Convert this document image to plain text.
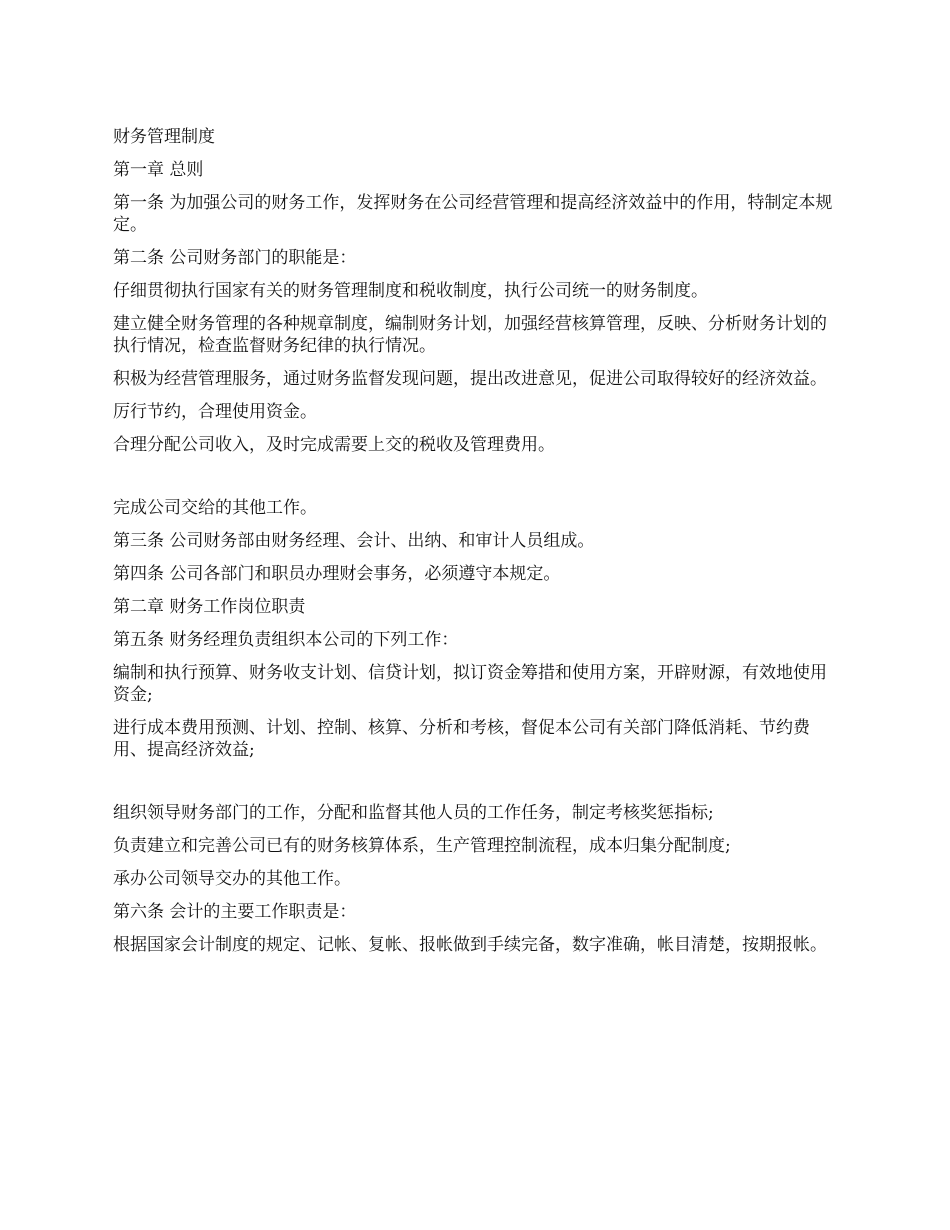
财务管理制度

第一章 总则

第一条 为加强公司的财务工作，发挥财务在公司经营管理和提高经济效益中的作用，特制定本规定。

第二条 公司财务部门的职能是：

仔细贯彻执行国家有关的财务管理制度和税收制度，执行公司统一的财务制度。

建立健全财务管理的各种规章制度，编制财务计划，加强经营核算管理，反映、分析财务计划的执行情况，检查监督财务纪律的执行情况。

积极为经营管理服务，通过财务监督发现问题，提出改进意见，促进公司取得较好的经济效益。

厉行节约，合理使用资金。

合理分配公司收入，及时完成需要上交的税收及管理费用。

完成公司交给的其他工作。

第三条 公司财务部由财务经理、会计、出纳、和审计人员组成。

第四条 公司各部门和职员办理财会事务，必须遵守本规定。

第二章 财务工作岗位职责

第五条 财务经理负责组织本公司的下列工作：

编制和执行预算、财务收支计划、信贷计划，拟订资金筹措和使用方案，开辟财源，有效地使用资金;

进行成本费用预测、计划、控制、核算、分析和考核，督促本公司有关部门降低消耗、节约费用、提高经济效益;

组织领导财务部门的工作，分配和监督其他人员的工作任务，制定考核奖惩指标;

负责建立和完善公司已有的财务核算体系，生产管理控制流程，成本归集分配制度;

承办公司领导交办的其他工作。

第六条 会计的主要工作职责是：

根据国家会计制度的规定、记帐、复帐、报帐做到手续完备，数字准确，帐目清楚，按期报帐。
